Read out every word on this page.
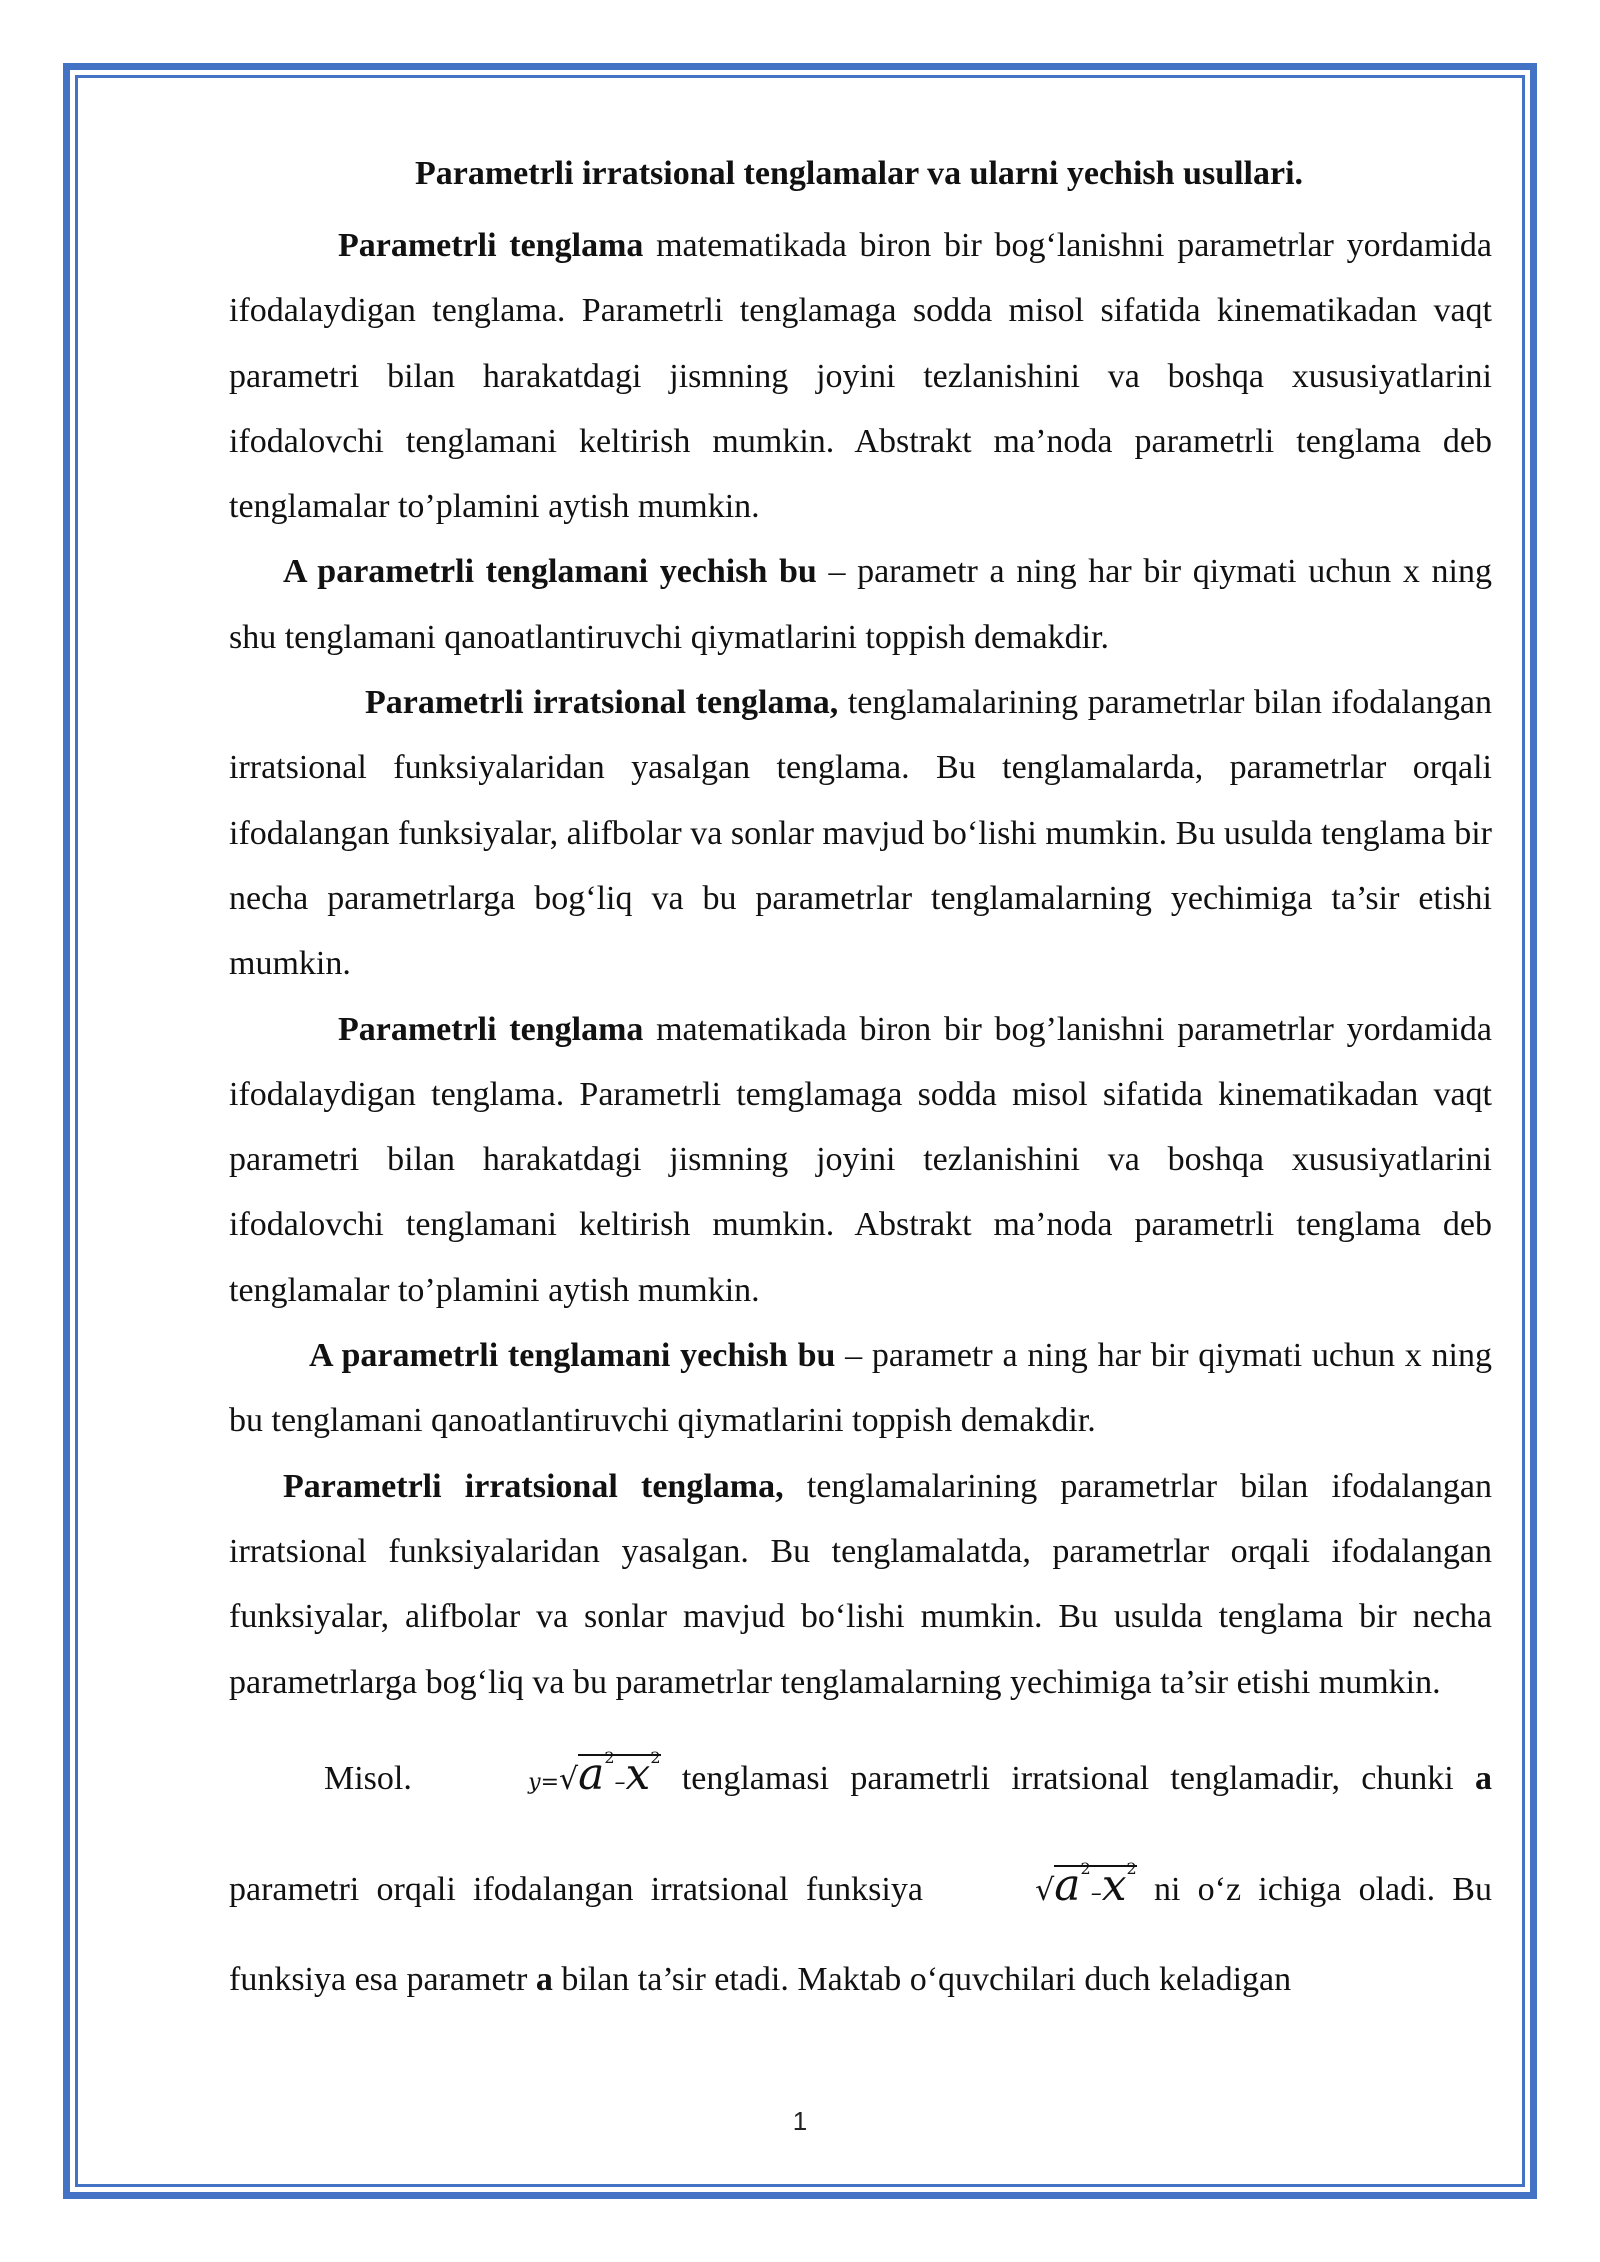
Parametrli irratsional tenglamalar va ularni yechish usullari.

Parametrli tenglama matematikada biron bir bog‘lanishni parametrlar yordamida ifodalaydigan tenglama. Parametrli tenglamaga sodda misol sifatida kinematikadan vaqt parametri bilan harakatdagi jismning joyini tezlanishini va boshqa xususiyatlarini ifodalovchi tenglamani keltirish mumkin. Abstrakt ma’noda parametrli tenglama deb tenglamalar to’plamini aytish mumkin.

A parametrli tenglamani yechish bu – parametr a ning har bir qiymati uchun x ning shu tenglamani qanoatlantiruvchi qiymatlarini toppish demakdir.

Parametrli irratsional tenglama, tenglamalarining parametrlar bilan ifodalangan irratsional funksiyalaridan yasalgan tenglama. Bu tenglamalarda, parametrlar orqali ifodalangan funksiyalar, alifbolar va sonlar mavjud bo‘lishi mumkin. Bu usulda tenglama bir necha parametrlarga bog‘liq va bu parametrlar tenglamalarning yechimiga ta’sir etishi mumkin.

Parametrli tenglama matematikada biron bir bog’lanishni parametrlar yordamida ifodalaydigan tenglama. Parametrli temglamaga sodda misol sifatida kinematikadan vaqt parametri bilan harakatdagi jismning joyini tezlanishini va boshqa xususiyatlarini ifodalovchi tenglamani keltirish mumkin. Abstrakt ma’noda parametrli tenglama deb tenglamalar to’plamini aytish mumkin.

A parametrli tenglamani yechish bu – parametr a ning har bir qiymati uchun x ning bu tenglamani qanoatlantiruvchi qiymatlarini toppish demakdir.

Parametrli irratsional tenglama, tenglamalarining parametrlar bilan ifodalangan irratsional funksiyalaridan yasalgan. Bu tenglamalatda, parametrlar orqali ifodalangan funksiyalar, alifbolar va sonlar mavjud bo‘lishi mumkin. Bu usulda tenglama bir necha parametrlarga bog‘liq va bu parametrlar tenglamalarning yechimiga ta’sir etishi mumkin.

Misol.	$y=√a^2-x^2$ tenglamasi parametrli irratsional tenglamadir, chunki a parametri orqali ifodalangan irratsional funksiya	$√a^2-x^2$ ni o‘z ichiga oladi. Bu funksiya esa parametr a bilan ta’sir etadi. Maktab o‘quvchilari duch keladigan

1
